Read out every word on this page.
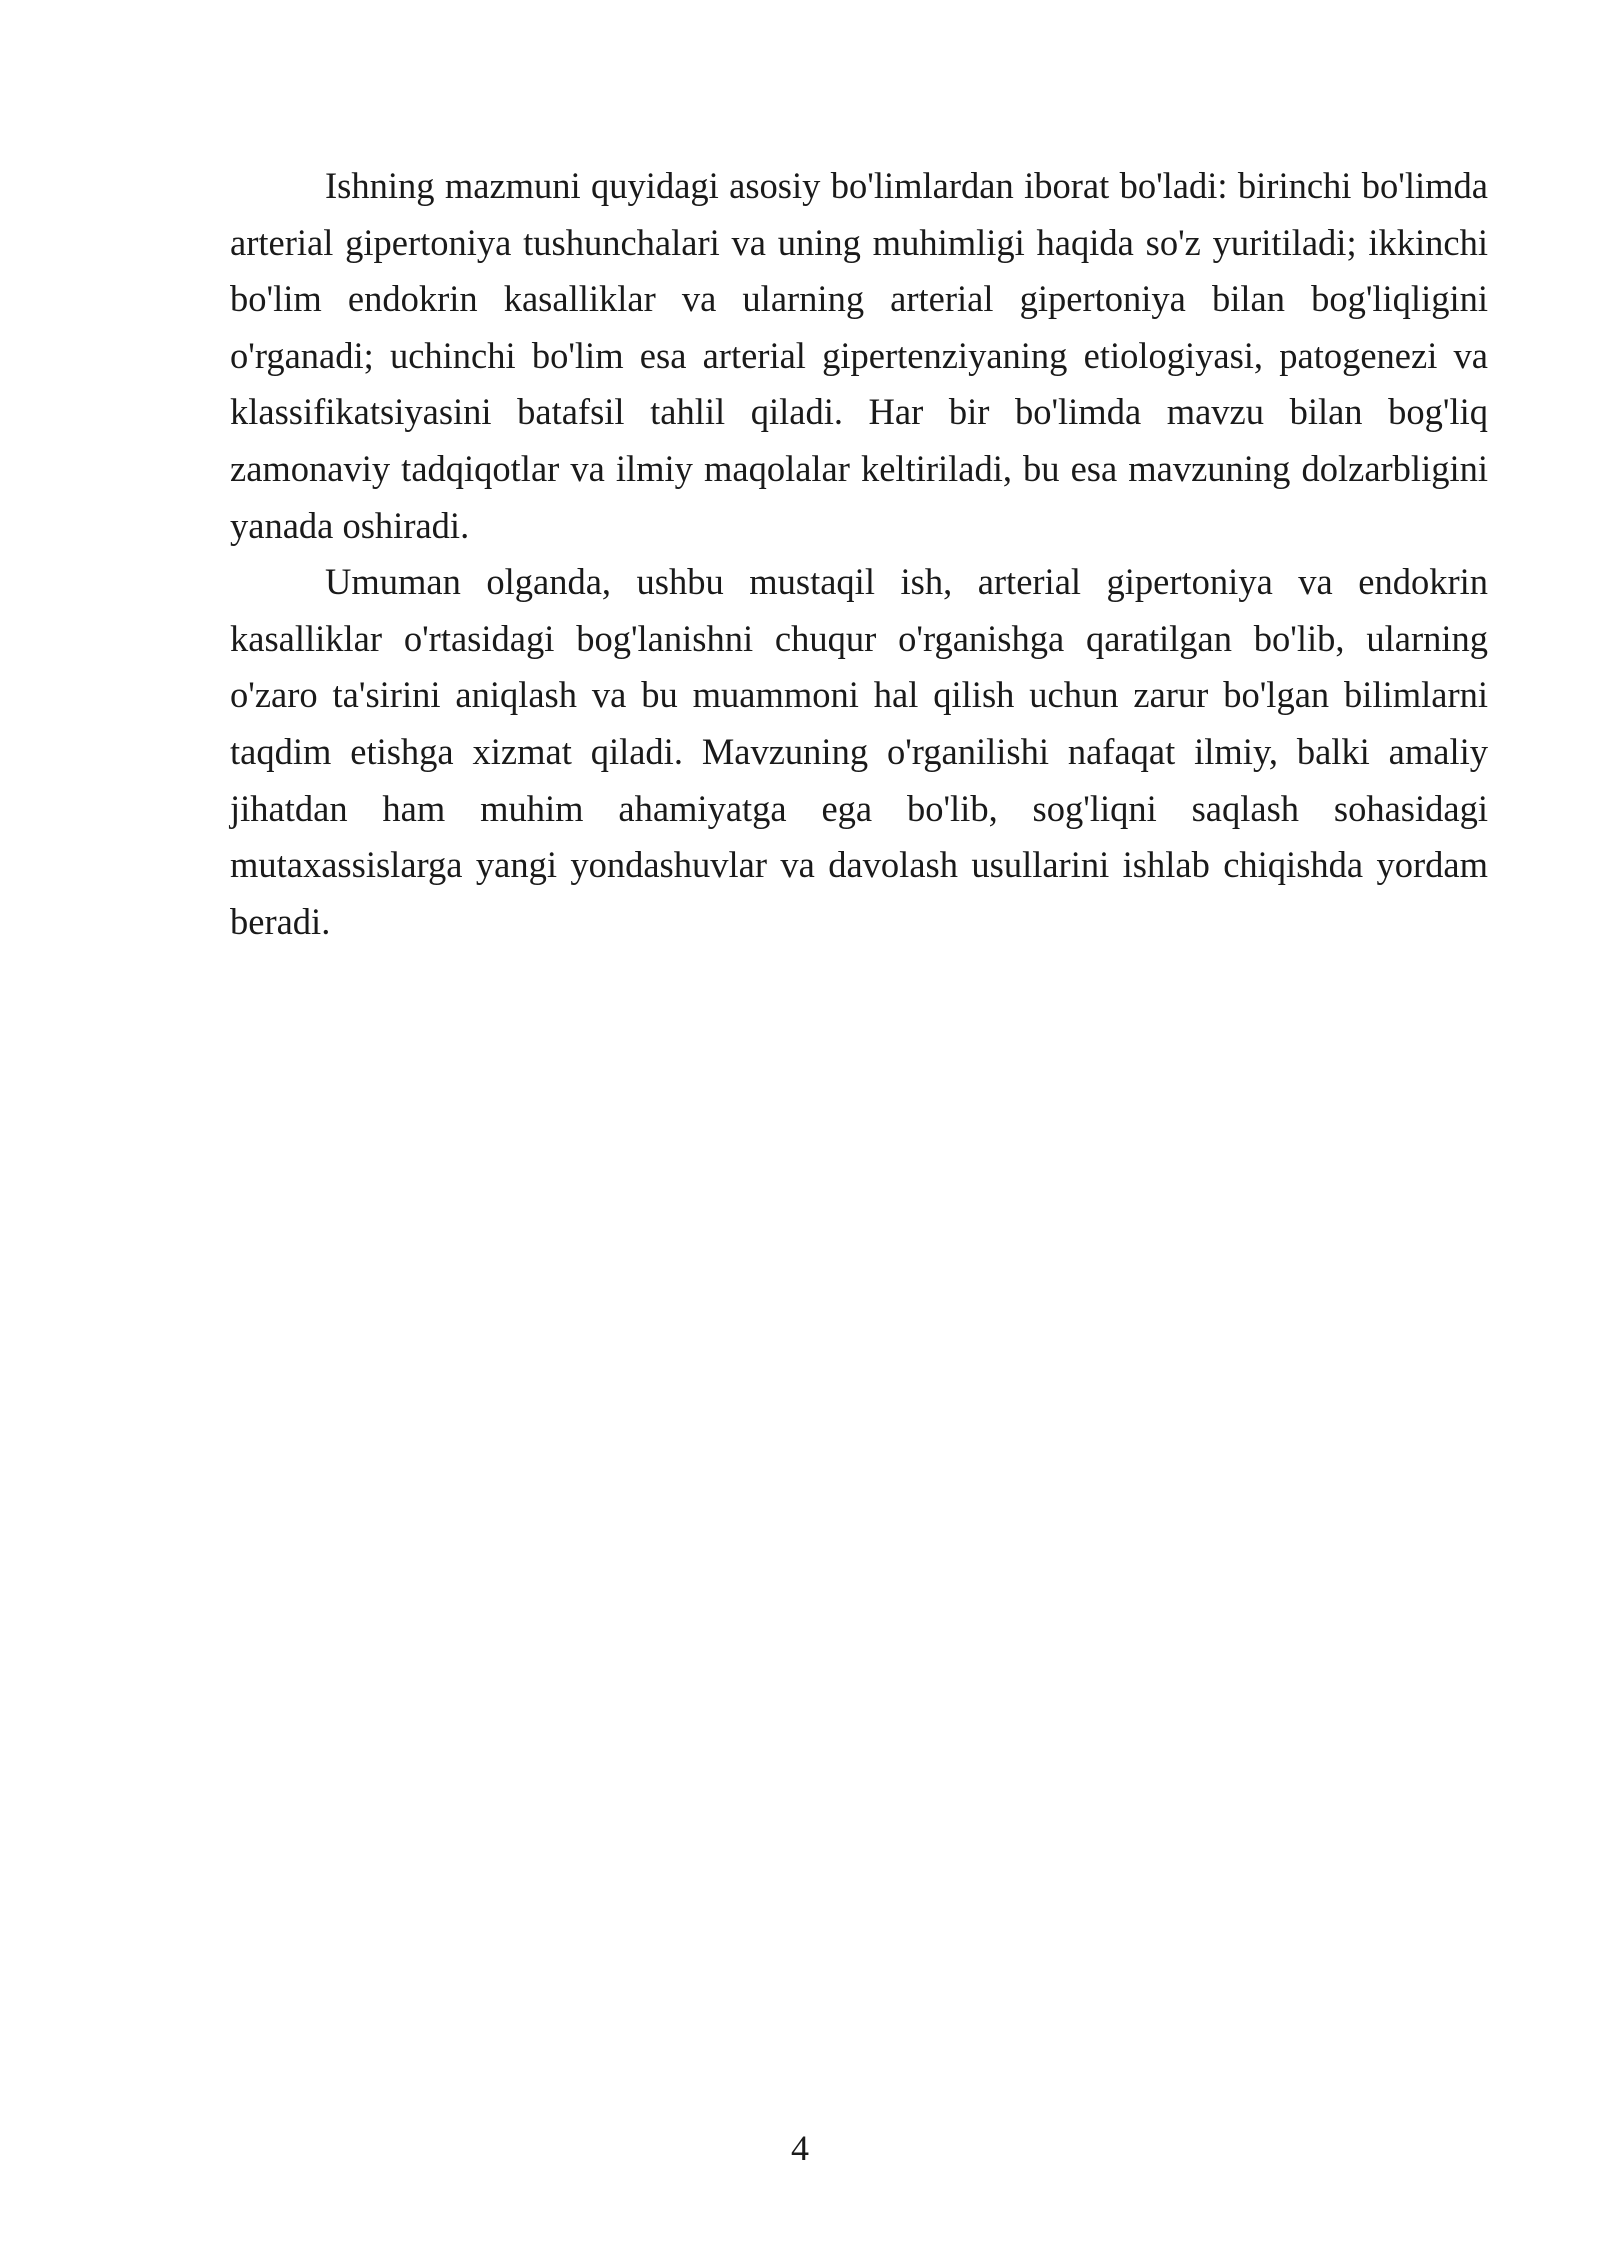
Ishning mazmuni quyidagi asosiy bo'limlardan iborat bo'ladi: birinchi bo'limda arterial gipertoniya tushunchalari va uning muhimligi haqida so'z yuritiladi; ikkinchi bo'lim endokrin kasalliklar va ularning arterial gipertoniya bilan bog'liqligini o'rganadi; uchinchi bo'lim esa arterial gipertenziyaning etiologiyasi, patogenezi va klassifikatsiyasini batafsil tahlil qiladi. Har bir bo'limda mavzu bilan bog'liq zamonaviy tadqiqotlar va ilmiy maqolalar keltiriladi, bu esa mavzuning dolzarbligini yanada oshiradi.

Umuman olganda, ushbu mustaqil ish, arterial gipertoniya va endokrin kasalliklar o'rtasidagi bog'lanishni chuqur o'rganishga qaratilgan bo'lib, ularning o'zaro ta'sirini aniqlash va bu muammoni hal qilish uchun zarur bo'lgan bilimlarni taqdim etishga xizmat qiladi. Mavzuning o'rganilishi nafaqat ilmiy, balki amaliy jihatdan ham muhim ahamiyatga ega bo'lib, sog'liqni saqlash sohasidagi mutaxassislarga yangi yondashuvlar va davolash usullarini ishlab chiqishda yordam beradi.

4
